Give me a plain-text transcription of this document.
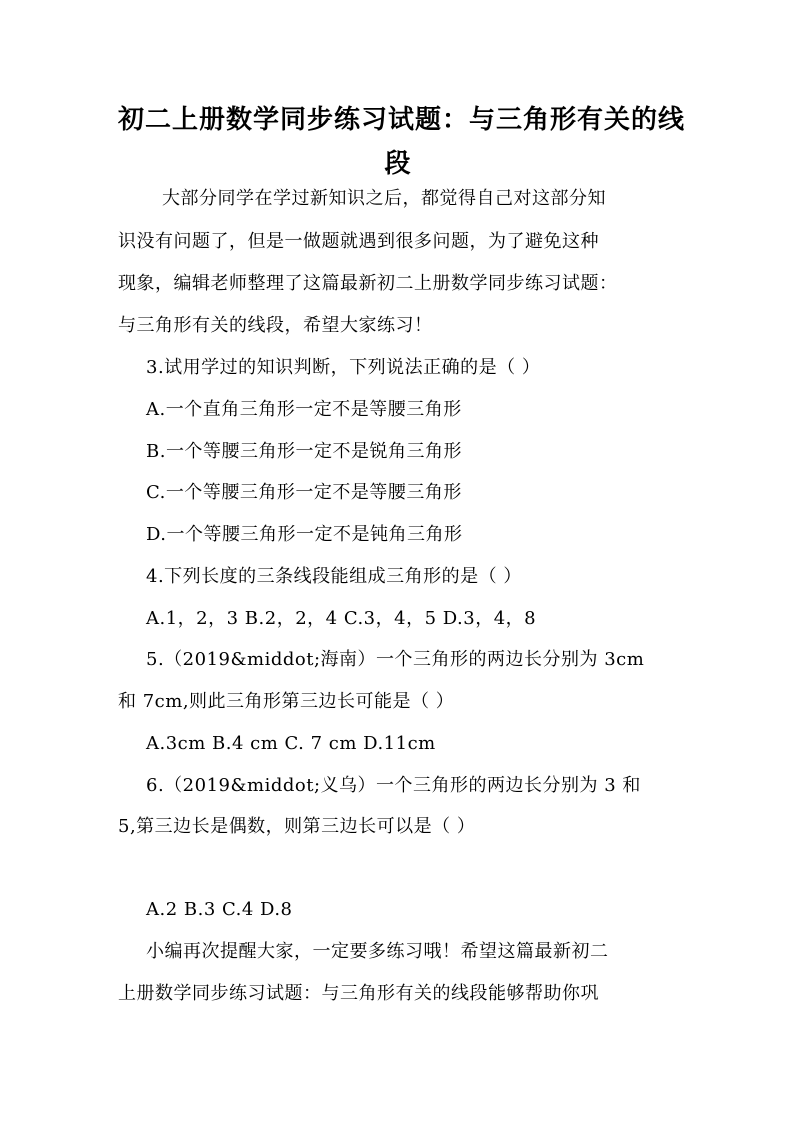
初二上册数学同步练习试题：与三角形有关的线
段
大部分同学在学过新知识之后，都觉得自己对这部分知
识没有问题了，但是一做题就遇到很多问题，为了避免这种
现象，编辑老师整理了这篇最新初二上册数学同步练习试题：
与三角形有关的线段，希望大家练习！
3.试用学过的知识判断，下列说法正确的是（ ）
A.一个直角三角形一定不是等腰三角形
B.一个等腰三角形一定不是锐角三角形
C.一个等腰三角形一定不是等腰三角形
D.一个等腰三角形一定不是钝角三角形
4.下列长度的三条线段能组成三角形的是（ ）
A.1，2，3 B.2，2，4 C.3，4，5 D.3，4，8
5.（2019&middot;海南）一个三角形的两边长分别为 3cm
和 7cm,则此三角形第三边长可能是（ ）
A.3cm B.4 cm C. 7 cm D.11cm
6.（2019&middot;义乌）一个三角形的两边长分别为 3 和
5,第三边长是偶数，则第三边长可以是（ ）
A.2 B.3 C.4 D.8
小编再次提醒大家，一定要多练习哦！希望这篇最新初二
上册数学同步练习试题：与三角形有关的线段能够帮助你巩
